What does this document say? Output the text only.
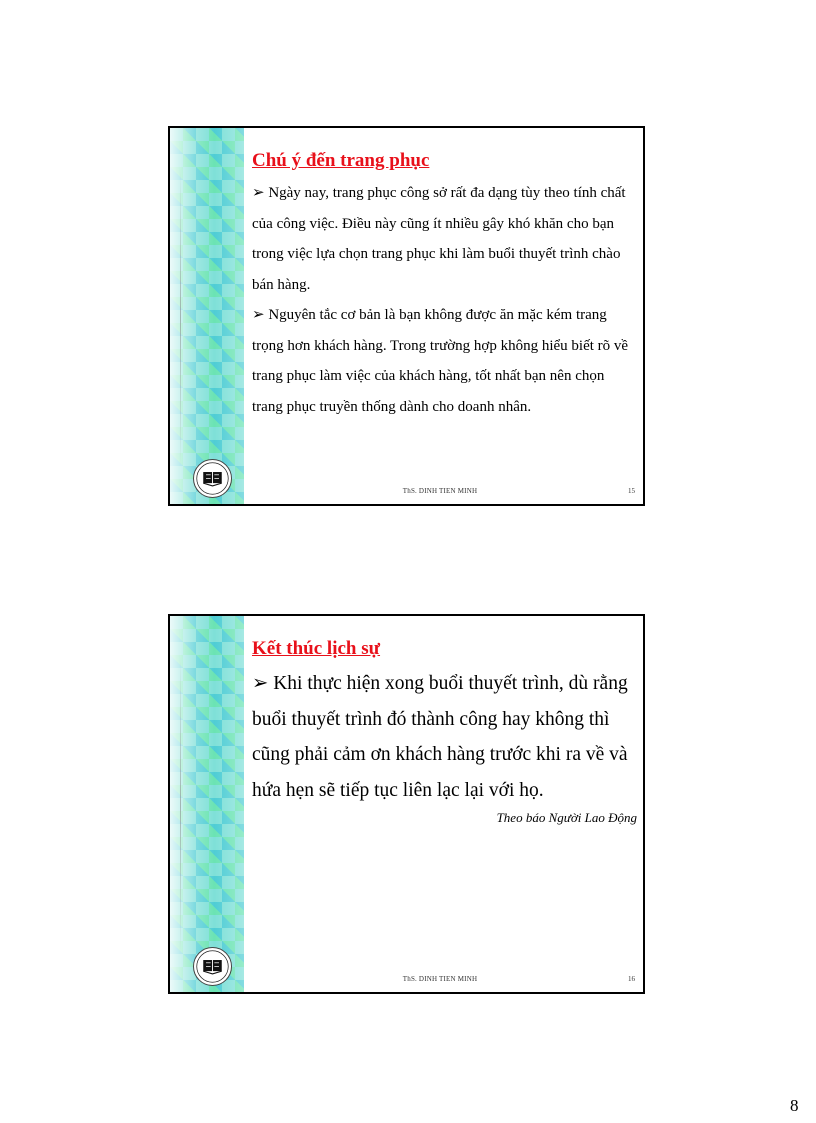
Chú ý đến trang phục

➢ Ngày nay, trang phục công sở rất đa dạng tùy theo tính chất của công việc. Điều này cũng ít nhiều gây khó khăn cho bạn trong việc lựa chọn trang phục khi làm buổi thuyết trình chào bán hàng.

➢ Nguyên tắc cơ bản là bạn không được ăn mặc kém trang trọng hơn khách hàng. Trong trường hợp không hiểu biết rõ về trang phục làm việc của khách hàng, tốt nhất bạn nên chọn trang phục truyền thống dành cho doanh nhân.

ThS. DINH TIEN MINH	15
Kết thúc lịch sự

➢ Khi thực hiện xong buổi thuyết trình, dù rằng buổi thuyết trình đó thành công hay không thì cũng phải cảm ơn khách hàng trước khi ra về và hứa hẹn sẽ tiếp tục liên lạc lại với họ.

Theo báo Người Lao Động
ThS. DINH TIEN MINH	16
8
